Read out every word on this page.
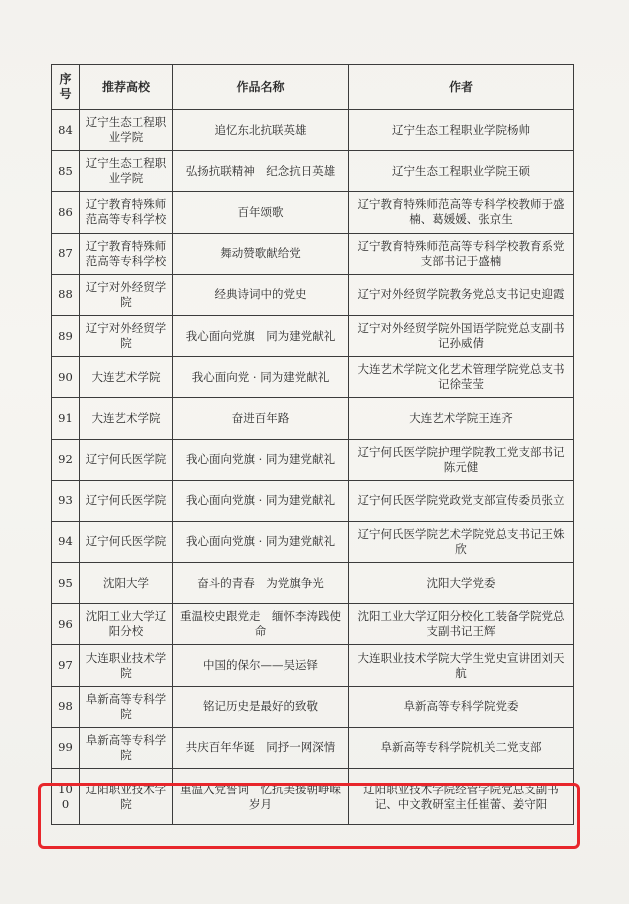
序号	推荐高校	作品名称	作者
84	辽宁生态工程职业学院	追忆东北抗联英雄	辽宁生态工程职业学院杨帅
85	辽宁生态工程职业学院	弘扬抗联精神　纪念抗日英雄	辽宁生态工程职业学院王硕
86	辽宁教育特殊师范高等专科学校	百年颂歌	辽宁教育特殊师范高等专科学校教师于盛楠、葛媛媛、张京生
87	辽宁教育特殊师范高等专科学校	舞动赞歌献给党	辽宁教育特殊师范高等专科学校教育系党支部书记于盛楠
88	辽宁对外经贸学院	经典诗词中的党史	辽宁对外经贸学院教务党总支书记史迎霞
89	辽宁对外经贸学院	我心面向党旗　同为建党献礼	辽宁对外经贸学院外国语学院党总支副书记孙威倩
90	大连艺术学院	我心面向党 · 同为建党献礼	大连艺术学院文化艺术管理学院党总支书记徐莹莹
91	大连艺术学院	奋进百年路	大连艺术学院王连齐
92	辽宁何氏医学院	我心面向党旗 · 同为建党献礼	辽宁何氏医学院护理学院教工党支部书记陈元健
93	辽宁何氏医学院	我心面向党旗 · 同为建党献礼	辽宁何氏医学院党政党支部宣传委员张立
94	辽宁何氏医学院	我心面向党旗 · 同为建党献礼	辽宁何氏医学院艺术学院党总支书记王姝欣
95	沈阳大学	奋斗的青春　为党旗争光	沈阳大学党委
96	沈阳工业大学辽阳分校	重温校史跟党走　缅怀李涛践使命	沈阳工业大学辽阳分校化工装备学院党总支副书记王辉
97	大连职业技术学院	中国的保尔——吴运铎	大连职业技术学院大学生党史宣讲团刘天航
98	阜新高等专科学院	铭记历史是最好的致敬	阜新高等专科学院党委
99	阜新高等专科学院	共庆百年华诞　同抒一网深情	阜新高等专科学院机关二党支部
100	辽阳职业技术学院	重温入党誓词　忆抗美援朝峥嵘岁月	辽阳职业技术学院经管学院党总支副书记、中文教研室主任崔蕾、姜守阳
